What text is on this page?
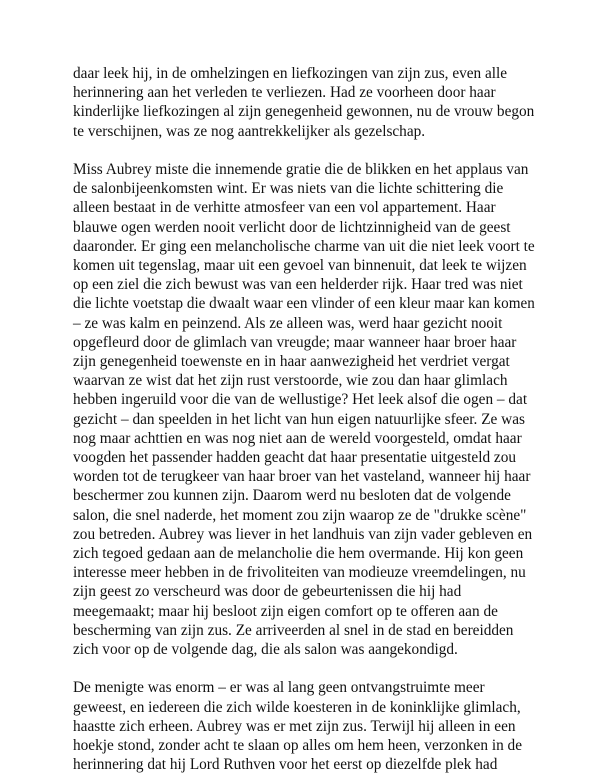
daar leek hij, in de omhelzingen en liefkozingen van zijn zus, even alle
herinnering aan het verleden te verliezen. Had ze voorheen door haar
kinderlijke liefkozingen al zijn genegenheid gewonnen, nu de vrouw begon
te verschijnen, was ze nog aantrekkelijker als gezelschap.
Miss Aubrey miste die innemende gratie die de blikken en het applaus van
de salonbijeenkomsten wint. Er was niets van die lichte schittering die
alleen bestaat in de verhitte atmosfeer van een vol appartement. Haar
blauwe ogen werden nooit verlicht door de lichtzinnigheid van de geest
daaronder. Er ging een melancholische charme van uit die niet leek voort te
komen uit tegenslag, maar uit een gevoel van binnenuit, dat leek te wijzen
op een ziel die zich bewust was van een helderder rijk. Haar tred was niet
die lichte voetstap die dwaalt waar een vlinder of een kleur maar kan komen
– ze was kalm en peinzend. Als ze alleen was, werd haar gezicht nooit
opgefleurd door de glimlach van vreugde; maar wanneer haar broer haar
zijn genegenheid toewenste en in haar aanwezigheid het verdriet vergat
waarvan ze wist dat het zijn rust verstoorde, wie zou dan haar glimlach
hebben ingeruild voor die van de wellustige? Het leek alsof die ogen – dat
gezicht – dan speelden in het licht van hun eigen natuurlijke sfeer. Ze was
nog maar achttien en was nog niet aan de wereld voorgesteld, omdat haar
voogden het passender hadden geacht dat haar presentatie uitgesteld zou
worden tot de terugkeer van haar broer van het vasteland, wanneer hij haar
beschermer zou kunnen zijn. Daarom werd nu besloten dat de volgende
salon, die snel naderde, het moment zou zijn waarop ze de "drukke scène"
zou betreden. Aubrey was liever in het landhuis van zijn vader gebleven en
zich tegoed gedaan aan de melancholie die hem overmande. Hij kon geen
interesse meer hebben in de frivoliteiten van modieuze vreemdelingen, nu
zijn geest zo verscheurd was door de gebeurtenissen die hij had
meegemaakt; maar hij besloot zijn eigen comfort op te offeren aan de
bescherming van zijn zus. Ze arriveerden al snel in de stad en bereidden
zich voor op de volgende dag, die als salon was aangekondigd.
De menigte was enorm – er was al lang geen ontvangstruimte meer
geweest, en iedereen die zich wilde koesteren in de koninklijke glimlach,
haastte zich erheen. Aubrey was er met zijn zus. Terwijl hij alleen in een
hoekje stond, zonder acht te slaan op alles om hem heen, verzonken in de
herinnering dat hij Lord Ruthven voor het eerst op diezelfde plek had
